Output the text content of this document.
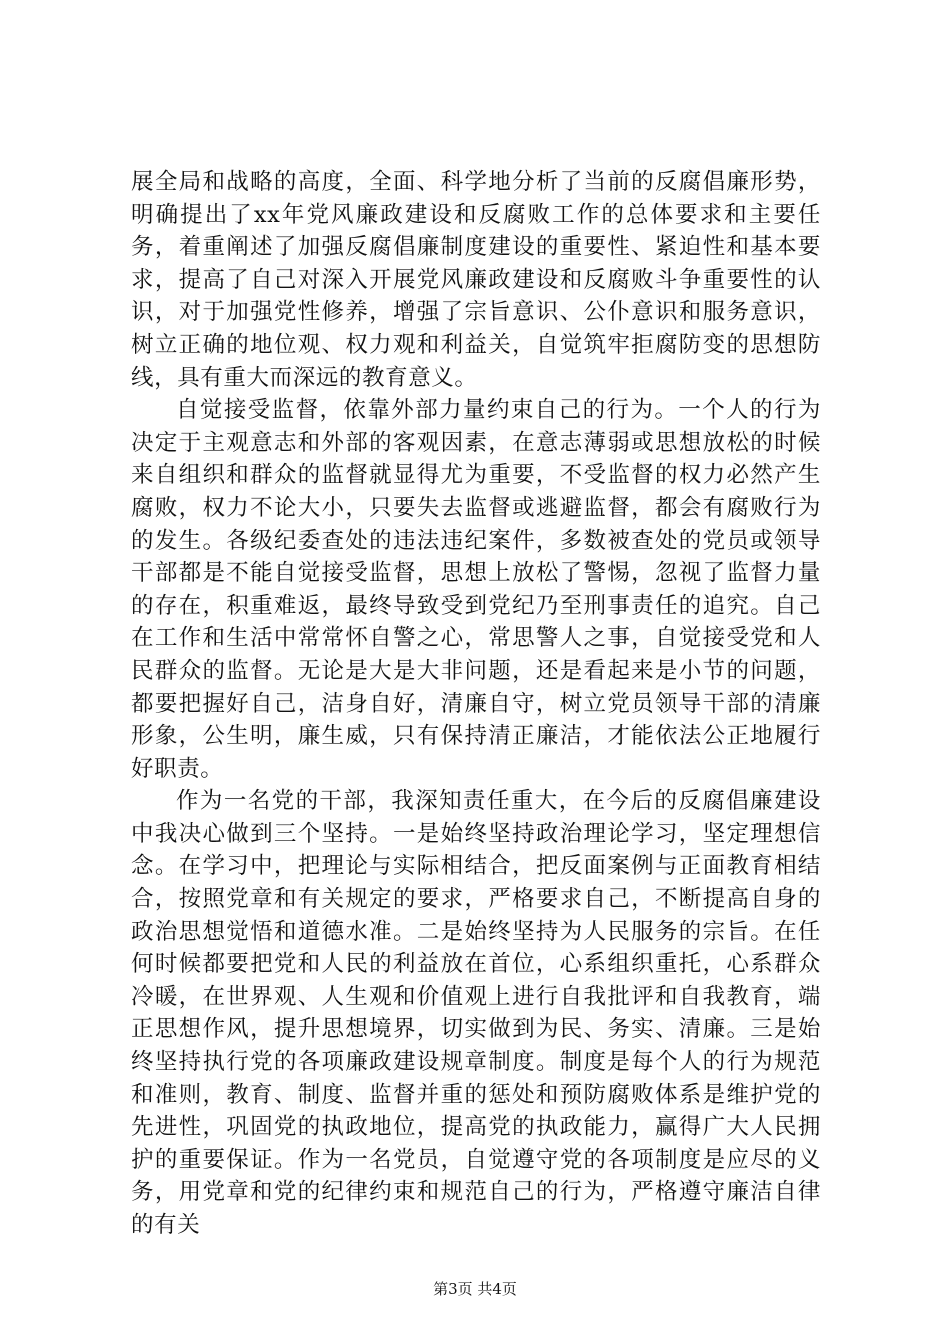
展全局和战略的高度，全面、科学地分析了当前的反腐倡廉形势，明确提出了xx年党风廉政建设和反腐败工作的总体要求和主要任务，着重阐述了加强反腐倡廉制度建设的重要性、紧迫性和基本要求，提高了自己对深入开展党风廉政建设和反腐败斗争重要性的认识，对于加强党性修养，增强了宗旨意识、公仆意识和服务意识，树立正确的地位观、权力观和利益关，自觉筑牢拒腐防变的思想防线，具有重大而深远的教育意义。

自觉接受监督，依靠外部力量约束自己的行为。一个人的行为决定于主观意志和外部的客观因素，在意志薄弱或思想放松的时候来自组织和群众的监督就显得尤为重要，不受监督的权力必然产生腐败，权力不论大小，只要失去监督或逃避监督，都会有腐败行为的发生。各级纪委查处的违法违纪案件，多数被查处的党员或领导干部都是不能自觉接受监督，思想上放松了警惕，忽视了监督力量的存在，积重难返，最终导致受到党纪乃至刑事责任的追究。自己在工作和生活中常常怀自警之心，常思警人之事，自觉接受党和人民群众的监督。无论是大是大非问题，还是看起来是小节的问题，都要把握好自己，洁身自好，清廉自守，树立党员领导干部的清廉形象，公生明，廉生威，只有保持清正廉洁，才能依法公正地履行好职责。

作为一名党的干部，我深知责任重大，在今后的反腐倡廉建设中我决心做到三个坚持。一是始终坚持政治理论学习，坚定理想信念。在学习中，把理论与实际相结合，把反面案例与正面教育相结合，按照党章和有关规定的要求，严格要求自己，不断提高自身的政治思想觉悟和道德水准。二是始终坚持为人民服务的宗旨。在任何时候都要把党和人民的利益放在首位，心系组织重托，心系群众冷暖，在世界观、人生观和价值观上进行自我批评和自我教育，端正思想作风，提升思想境界，切实做到为民、务实、清廉。三是始终坚持执行党的各项廉政建设规章制度。制度是每个人的行为规范和准则，教育、制度、监督并重的惩处和预防腐败体系是维护党的先进性，巩固党的执政地位，提高党的执政能力，赢得广大人民拥护的重要保证。作为一名党员，自觉遵守党的各项制度是应尽的义务，用党章和党的纪律约束和规范自己的行为，严格遵守廉洁自律的有关

第3页 共4页
